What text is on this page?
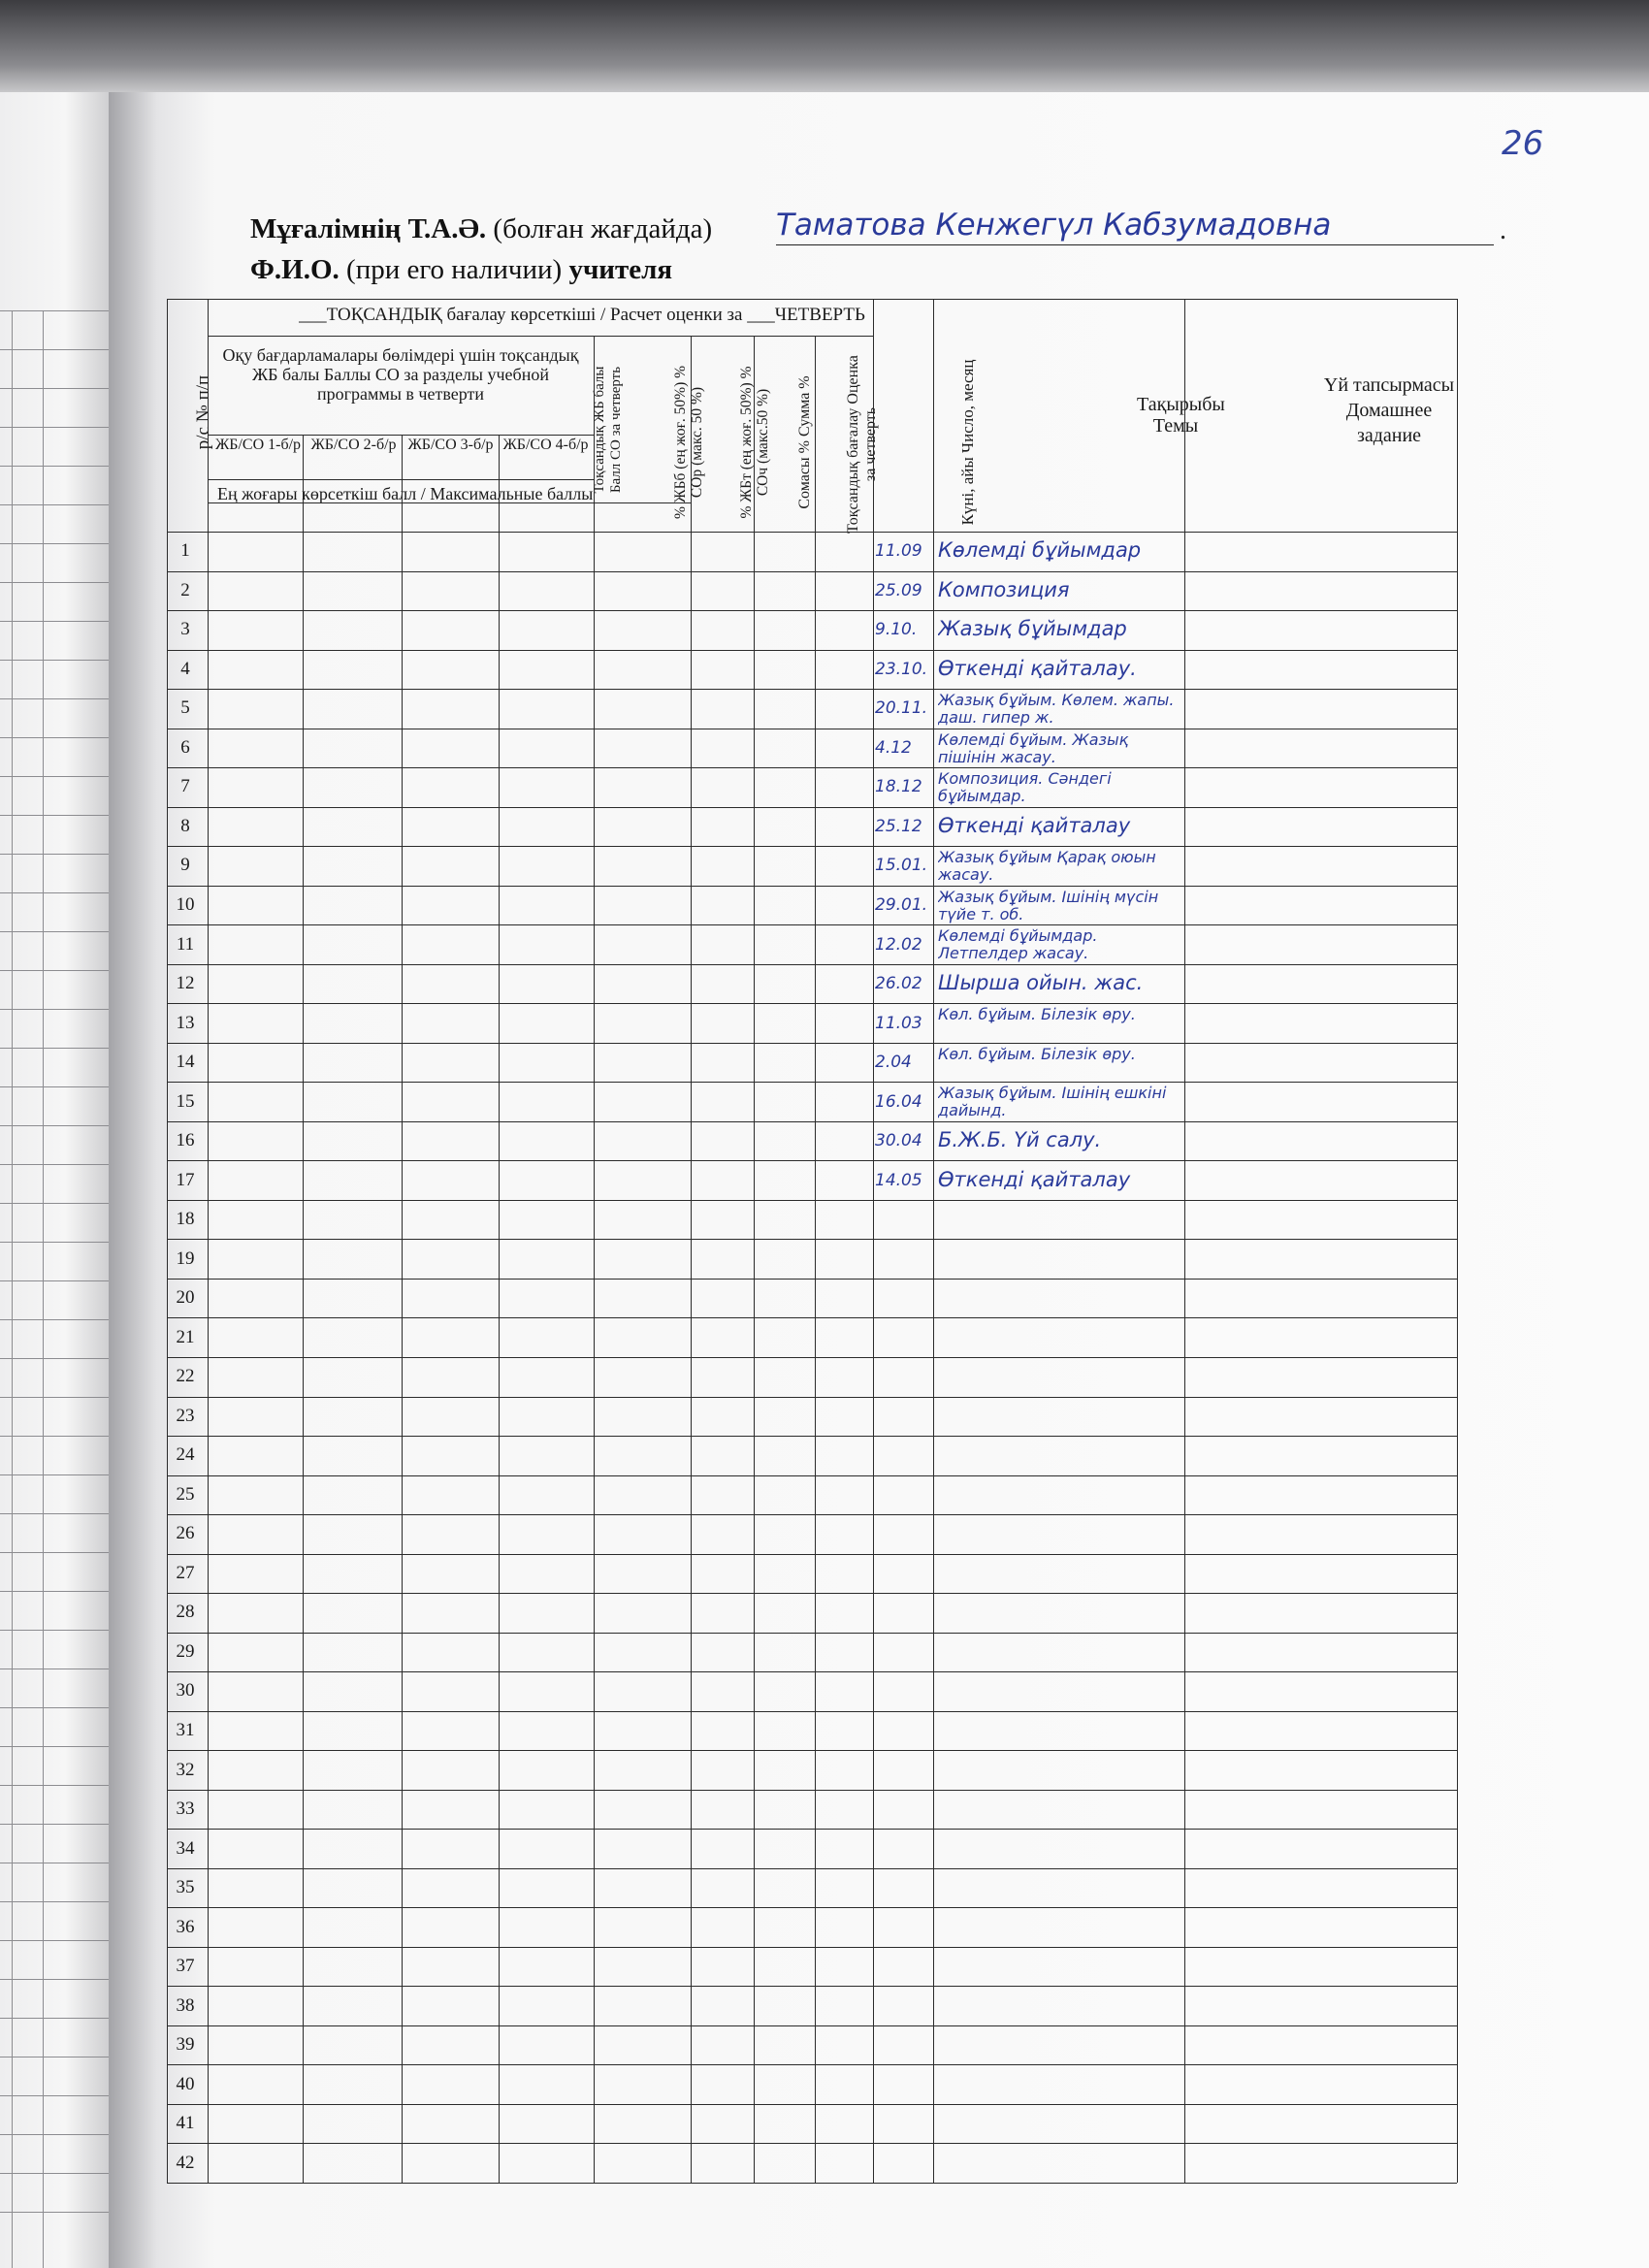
26
Мұғалімнің Т.А.Ә. (болған жағдайда) Таматова Кенжегүл Кабзумадовна	.
Ф.И.О. (при его наличии) учителя
___ТОҚСАНДЫҚ бағалау көрсеткіші / Расчет оценки за ___ЧЕТВЕРТЬ
Оқу бағдарламалары бөлімдері үшін тоқсандық ЖБ балы Баллы СО за разделы учебной программы в четверти
ЖБ/СО 1-б/р ЖБ/СО 2-б/р ЖБ/СО 3-б/р ЖБ/СО 4-б/р
Ең жоғары көрсеткіш балл / Максимальные баллы
р/с № п/п	Тоқсандық ЖБ балы Балл СО за четверть	% ЖБб (ең жоғ. 50%) % СОр (макс. 50 %)	% ЖБт (ең жоғ. 50%) % СОч (макс.50 %)	Сомасы % Сумма %	Тоқсандық бағалау Оценка за четверть	Күні, айы Число, месяц	Тақырыбы Темы
Үй тапсырмасы Домашнее задание
1	11.09 Көлемді бұйымдар
2	25.09 Композиция
3	9.10.	Жазық бұйымдар
4	23.10. Өткенді қайталау.
5	20.11. Жазық бұйым. Көлем. жапы. даш. гипер ж.
6	4.12	Көлемді бұйым. Жазық пішінін жасау.
7	18.12	Композиция. Сәндегі бұйымдар.
8	25.12 Өткенді қайталау
9	15.01. Жазық бұйым Қарақ оюын жасау.
10	29.01. Жазық бұйым. Ішінің мүсін түйе т. об.
11	12.02	Көлемді бұйымдар. Летпелдер жасау.
12	26.02 Шырша ойын. жас.
13	11.03	Көл. бұйым. Білезік өру.
14	2.04	Көл. бұйым. Білезік өру.
15	16.04	Жазық бұйым. Ішінің ешкіні дайынд.
16	30.04 Б.Ж.Б. Үй салу.
17	14.05 Өткенді қайталау
18
19
20
21
22
23
24
25
26
27
28
29
30
31
32
33
34
35
36
37
38
39
40
41
42
